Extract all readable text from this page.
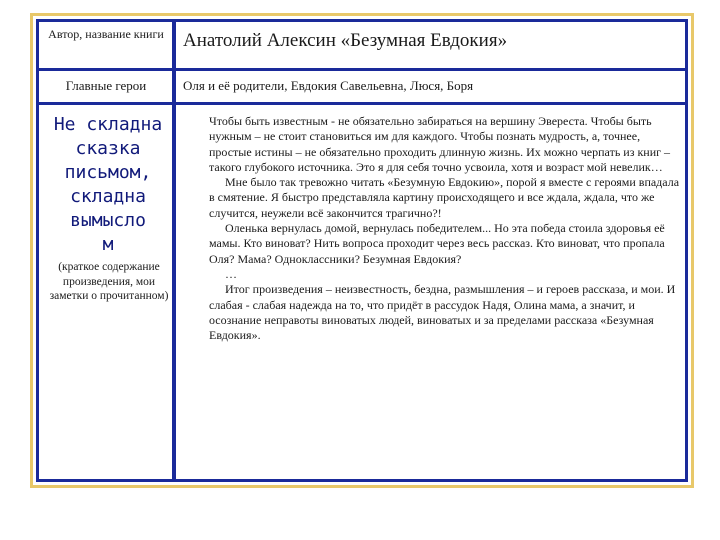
Автор, название книги Анатолий Алексин «Безумная Евдокия»
Главные герои	Оля и её родители, Евдокия Савельевна, Люся, Боря
Не складна
сказка
письмом,
складна
вымысло
м
(краткое содержание произведения, мои заметки о прочитанном)

Чтобы быть известным - не обязательно забираться на вершину Эвереста. Чтобы быть нужным – не стоит становиться им для каждого. Чтобы познать мудрость, а, точнее, простые истины – не обязательно проходить длинную жизнь. Их можно черпать из книг – такого глубокого источника. Это я для себя точно усвоила, хотя и возраст мой невелик…

Мне было так тревожно читать «Безумную Евдокию», порой я вместе с героями впадала в смятение. Я быстро представляла картину происходящего и все ждала, ждала, что же случится, неужели всё закончится трагично?!

Оленька вернулась домой, вернулась победителем... Но эта победа стоила здоровья её мамы. Кто виноват? Нить вопроса проходит через весь рассказ. Кто виноват, что пропала Оля? Мама? Одноклассники? Безумная Евдокия?

…

Итог произведения – неизвестность, бездна, размышления – и героев рассказа, и мои. И слабая - слабая надежда на то, что придёт в рассудок Надя, Олина мама, а значит, и осознание неправоты виноватых людей, виноватых и за пределами рассказа «Безумная Евдокия».
